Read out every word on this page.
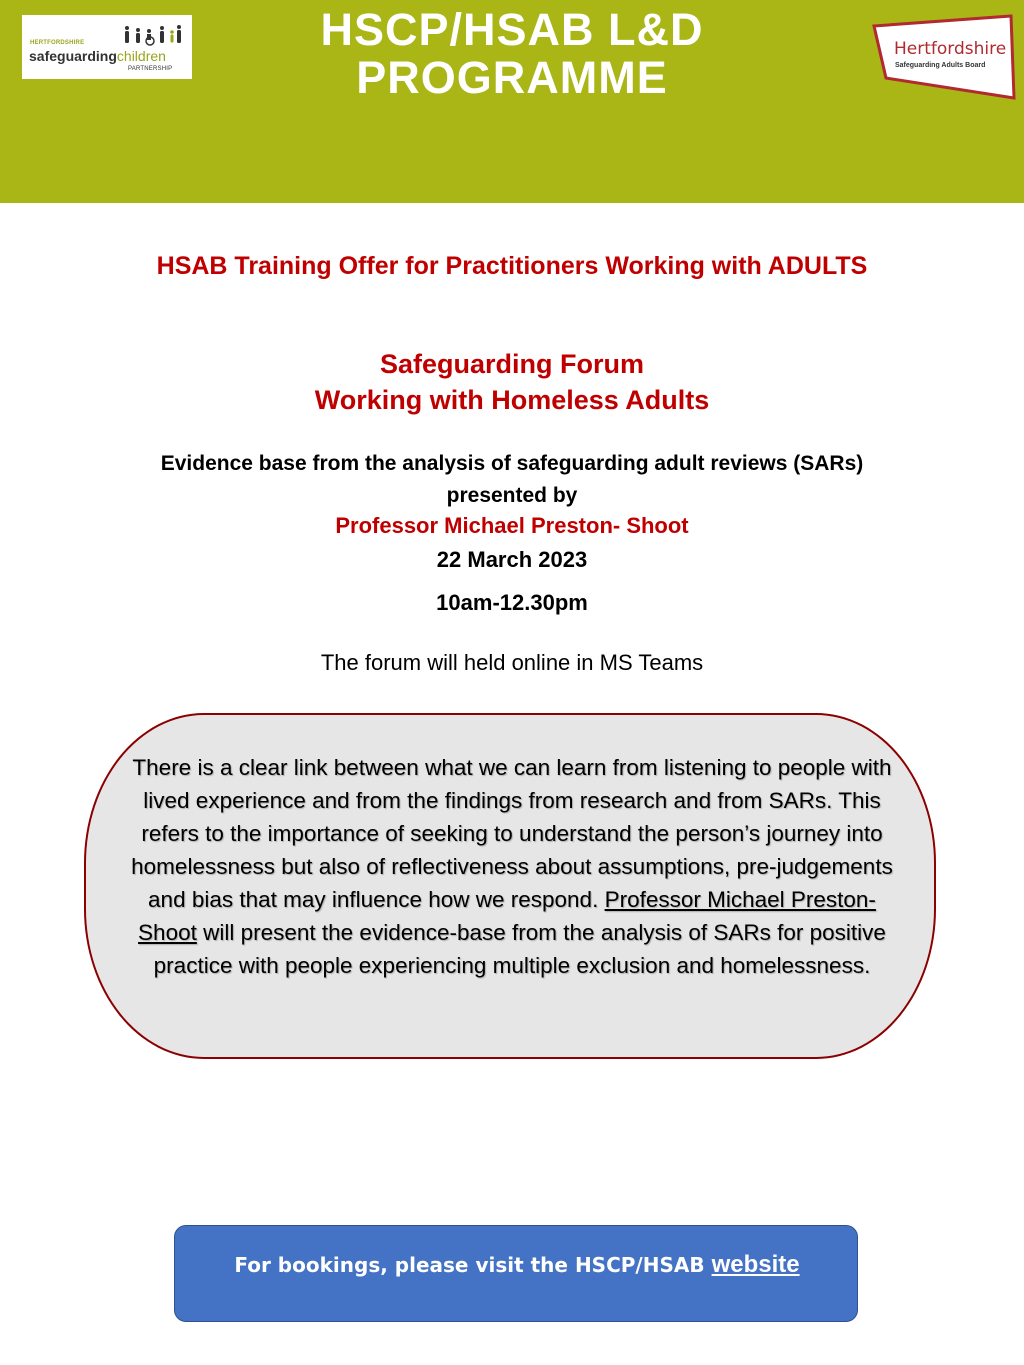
HERTFORDSHIRE
safeguardingchildren
PARTNERSHIP
HSCP/HSAB L&D
PROGRAMME
Hertfordshire
Safeguarding Adults Board
HSAB Training Offer for Practitioners Working with ADULTS
Safeguarding Forum
Working with Homeless Adults
Evidence base from the analysis of safeguarding adult reviews (SARs)
presented by
Professor Michael Preston- Shoot
22 March 2023
10am-12.30pm
The forum will held online in MS Teams
There is a clear link between what we can learn from listening to people with lived experience and from the findings from research and from SARs. This refers to the importance of seeking to understand the person’s journey into homelessness but also of reflectiveness about assumptions, pre-judgements and bias that may influence how we respond. Professor Michael Preston- Shoot will present the evidence-base from the analysis of SARs for positive practice with people experiencing multiple exclusion and homelessness.
For bookings, please visit the HSCP/HSAB website
